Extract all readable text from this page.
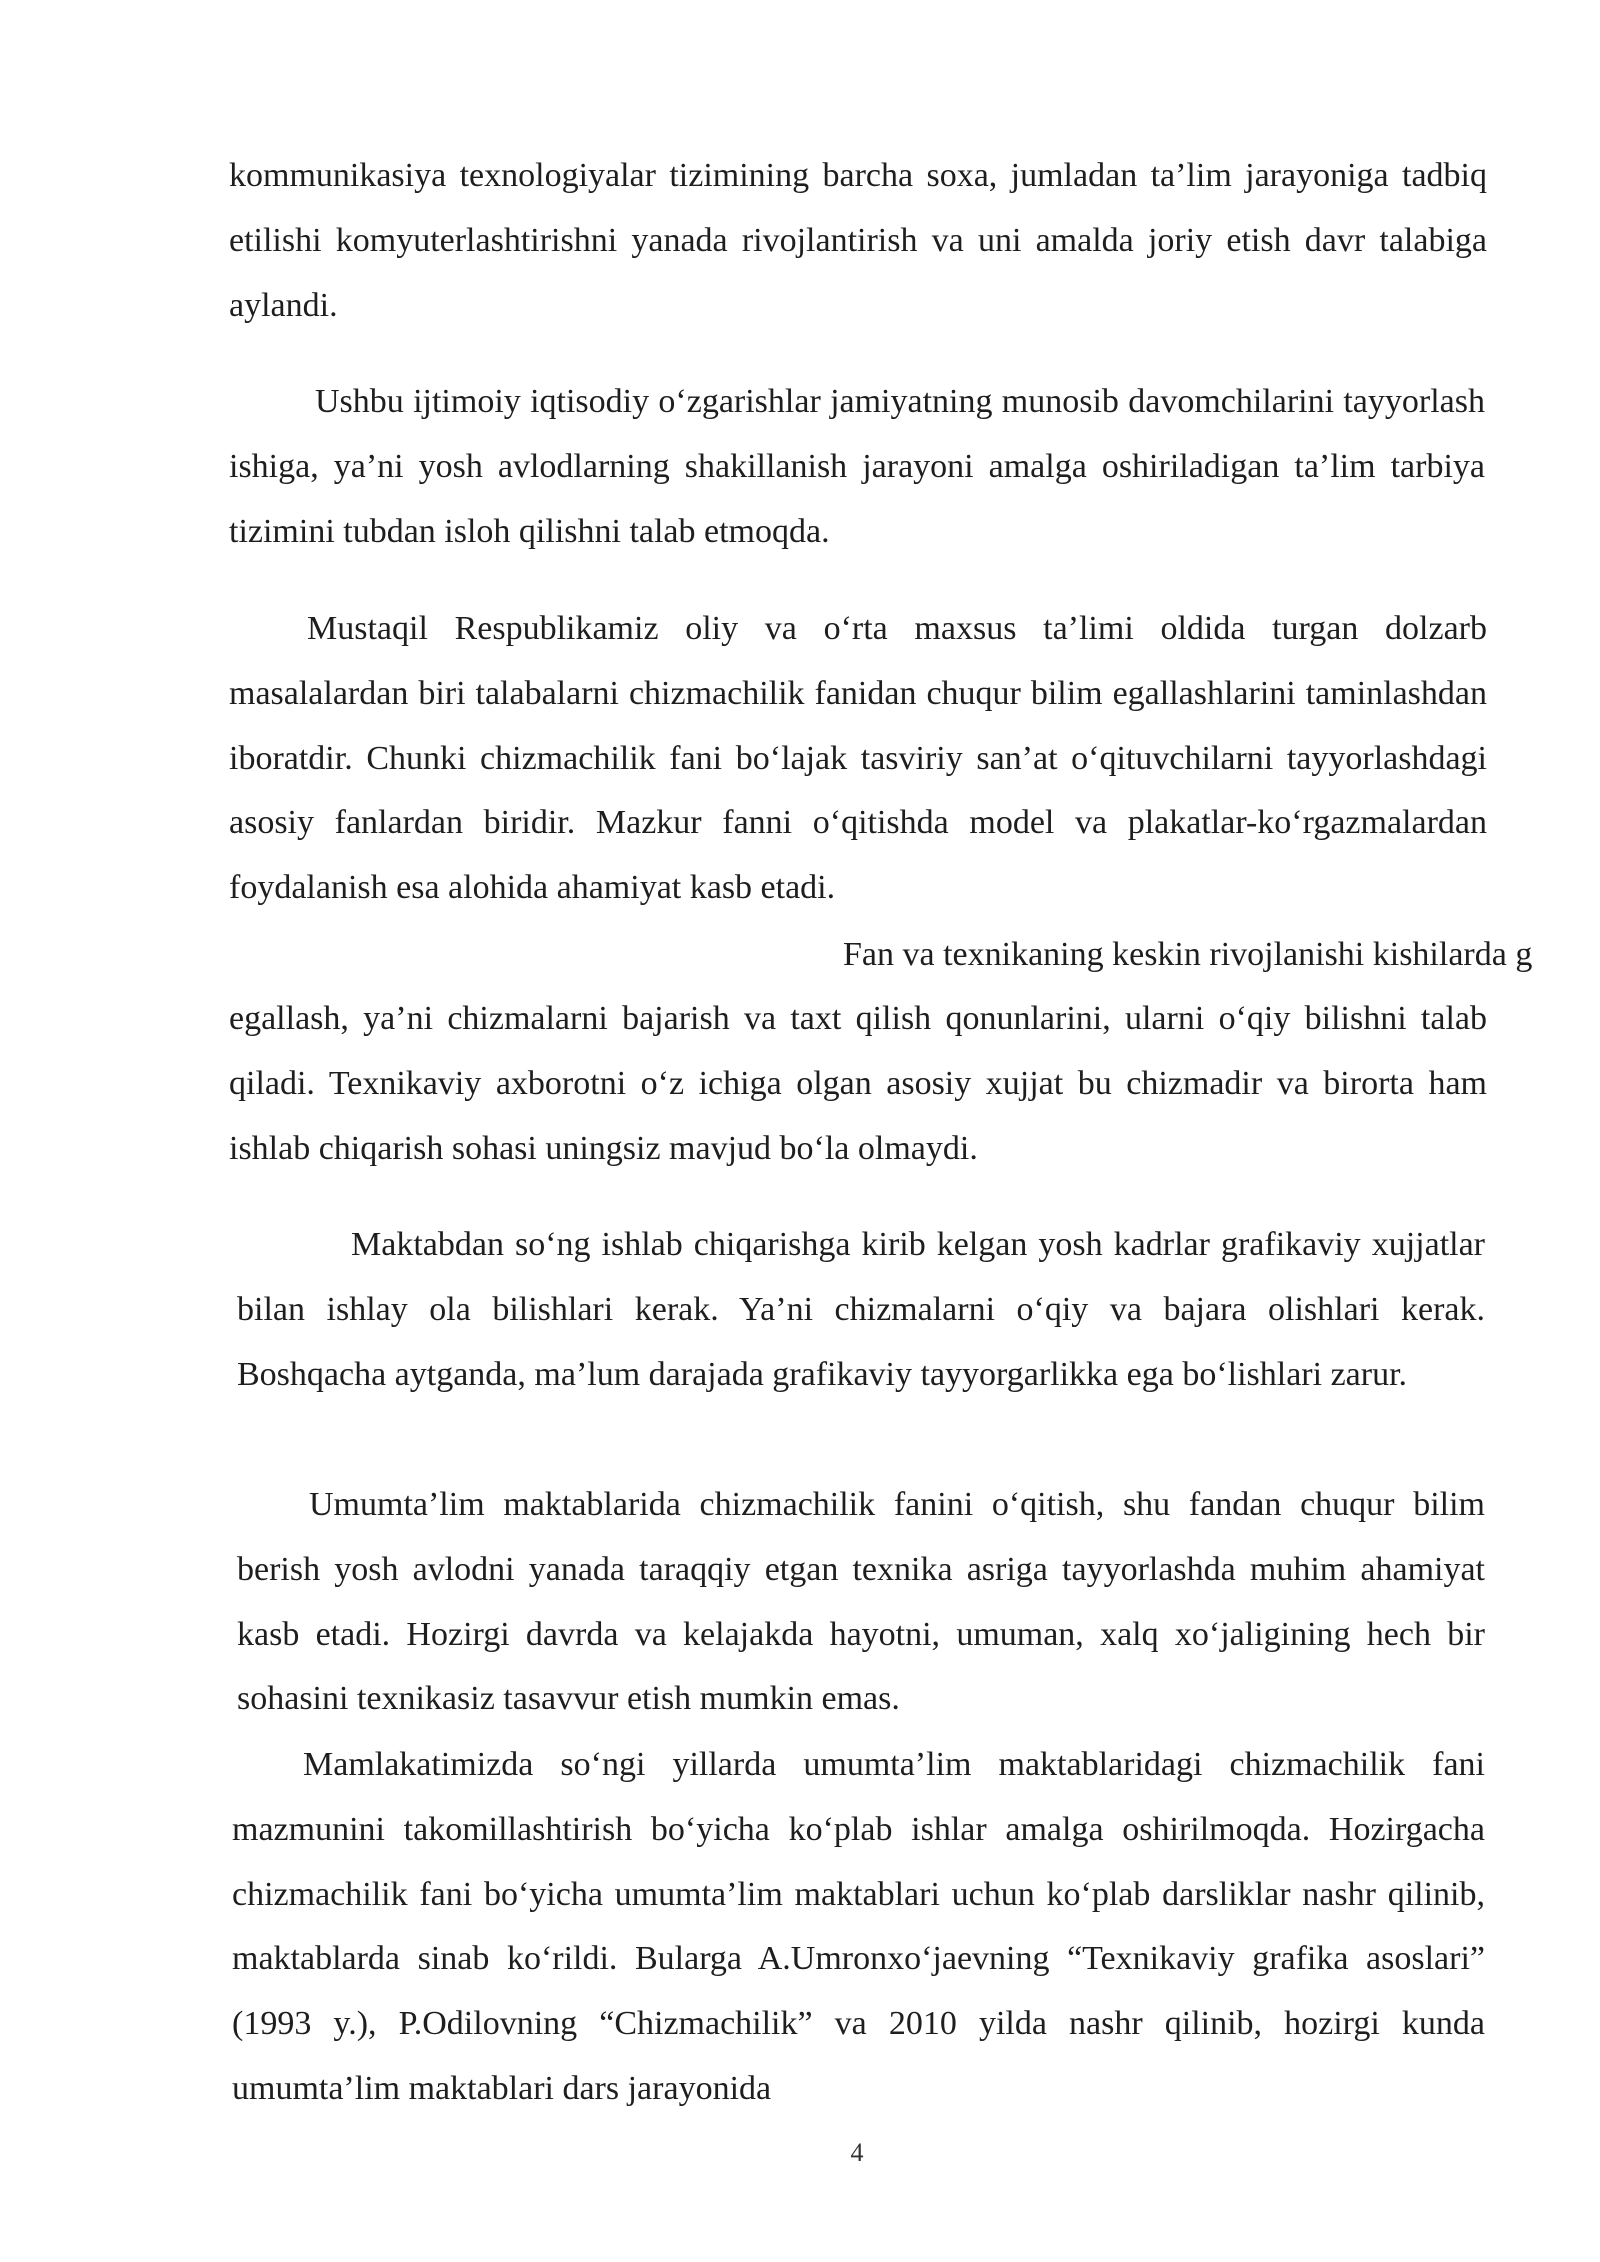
kommunikasiya texnologiyalar tizimining barcha soxa, jumladan ta’lim jarayoniga tadbiq etilishi komyuterlashtirishni yanada rivojlantirish va uni amalda joriy etish davr talabiga aylandi.

Ushbu ijtimoiy iqtisodiy o‘zgarishlar jamiyatning munosib davomchilarini tayyorlash ishiga, ya’ni yosh avlodlarning shakillanish jarayoni amalga oshiriladigan ta’lim tarbiya tizimini tubdan isloh qilishni talab etmoqda.

Mustaqil Respublikamiz oliy va o‘rta maxsus ta’limi oldida turgan dolzarb masalalardan biri talabalarni chizmachilik fanidan chuqur bilim egallashlarini taminlashdan iboratdir. Chunki chizmachilik fani bo‘lajak tasviriy san’at o‘qituvchilarni tayyorlashdagi asosiy fanlardan biridir. Mazkur fanni o‘qitishda model va plakatlar-ko‘rgazmalardan foydalanish esa alohida ahamiyat kasb etadi.

Fan va texnikaning keskin rivojlanishi kishilarda g

egallash, ya’ni chizmalarni bajarish va taxt qilish qonunlarini, ularni o‘qiy bilishni talab qiladi. Texnikaviy axborotni o‘z ichiga olgan asosiy xujjat bu chizmadir va birorta ham ishlab chiqarish sohasi uningsiz mavjud bo‘la olmaydi.

Maktabdan so‘ng ishlab chiqarishga kirib kelgan yosh kadrlar grafikaviy xujjatlar bilan ishlay ola bilishlari kerak. Ya’ni chizmalarni o‘qiy va bajara olishlari kerak. Boshqacha aytganda, ma’lum darajada grafikaviy tayyorgarlikka ega bo‘lishlari zarur.

Umumta’lim maktablarida chizmachilik fanini o‘qitish, shu fandan chuqur bilim berish yosh avlodni yanada taraqqiy etgan texnika asriga tayyorlashda muhim ahamiyat kasb etadi. Hozirgi davrda va kelajakda hayotni, umuman, xalq xo‘jaligining hech bir sohasini texnikasiz tasavvur etish mumkin emas.

Mamlakatimizda so‘ngi yillarda umumta’lim maktablaridagi chizmachilik fani mazmunini takomillashtirish bo‘yicha ko‘plab ishlar amalga oshirilmoqda. Hozirgacha chizmachilik fani bo‘yicha umumta’lim maktablari uchun ko‘plab darsliklar nashr qilinib, maktablarda sinab ko‘rildi. Bularga A.Umronxo‘jaevning “Texnikaviy grafika asoslari” (1993 y.), P.Odilovning “Chizmachilik” va 2010 yilda nashr qilinib, hozirgi kunda umumta’lim maktablari dars jarayonida

4
